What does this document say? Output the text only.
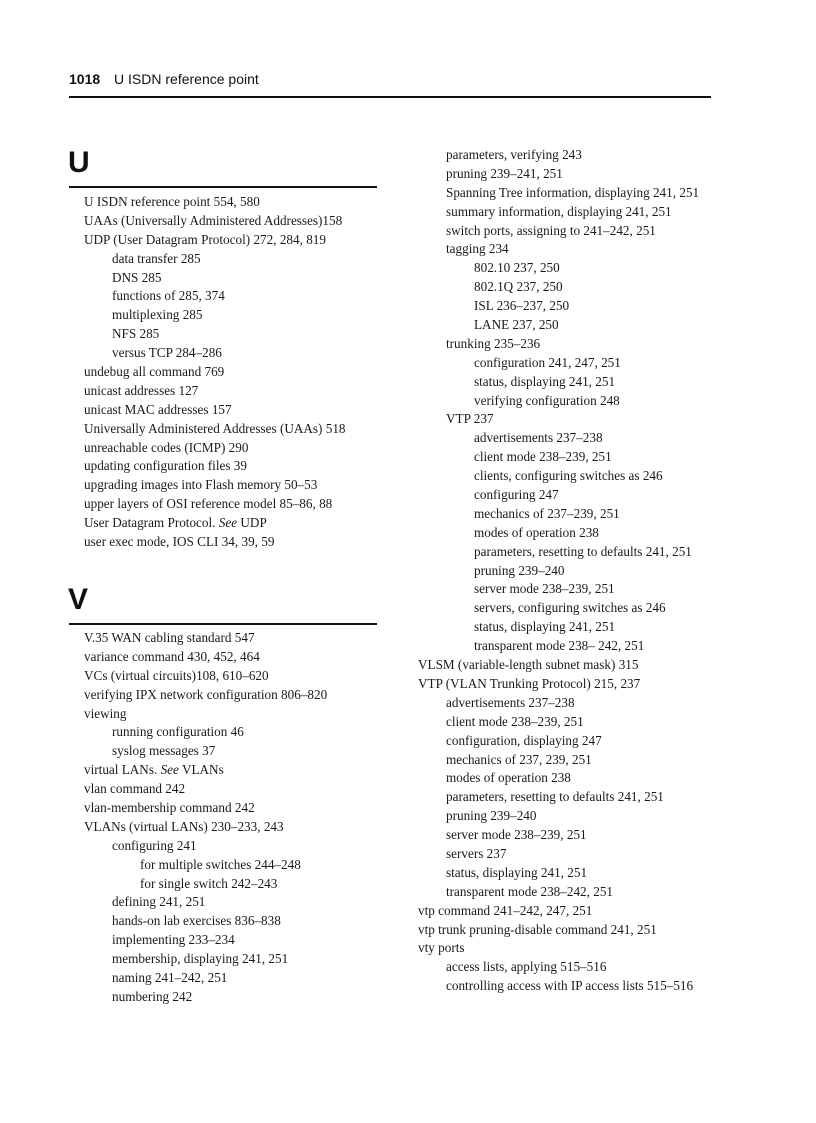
1018 U ISDN reference point
U
U ISDN reference point 554, 580
UAAs (Universally Administered Addresses)158
UDP (User Datagram Protocol) 272, 284, 819
data transfer 285
DNS 285
functions of 285, 374
multiplexing 285
NFS 285
versus TCP 284–286
undebug all command 769
unicast addresses 127
unicast MAC addresses 157
Universally Administered Addresses (UAAs) 518
unreachable codes (ICMP) 290
updating configuration files 39
upgrading images into Flash memory 50–53
upper layers of OSI reference model 85–86, 88
User Datagram Protocol. See UDP
user exec mode, IOS CLI 34, 39, 59
V
V.35 WAN cabling standard 547
variance command 430, 452, 464
VCs (virtual circuits)108, 610–620
verifying IPX network configuration 806–820
viewing
running configuration 46
syslog messages 37
virtual LANs. See VLANs
vlan command 242
vlan-membership command 242
VLANs (virtual LANs) 230–233, 243
configuring 241
for multiple switches 244–248
for single switch 242–243
defining 241, 251
hands-on lab exercises 836–838
implementing 233–234
membership, displaying 241, 251
naming 241–242, 251
numbering 242
parameters, verifying 243
pruning 239–241, 251
Spanning Tree information, displaying 241, 251
summary information, displaying 241, 251
switch ports, assigning to 241–242, 251
tagging 234
802.10 237, 250
802.1Q 237, 250
ISL 236–237, 250
LANE 237, 250
trunking 235–236
configuration 241, 247, 251
status, displaying 241, 251
verifying configuration 248
VTP 237
advertisements 237–238
client mode 238–239, 251
clients, configuring switches as 246
configuring 247
mechanics of 237–239, 251
modes of operation 238
parameters, resetting to defaults 241, 251
pruning 239–240
server mode 238–239, 251
servers, configuring switches as 246
status, displaying 241, 251
transparent mode 238– 242, 251
VLSM (variable-length subnet mask) 315
VTP (VLAN Trunking Protocol) 215, 237
advertisements 237–238
client mode 238–239, 251
configuration, displaying 247
mechanics of 237, 239, 251
modes of operation 238
parameters, resetting to defaults 241, 251
pruning 239–240
server mode 238–239, 251
servers 237
status, displaying 241, 251
transparent mode 238–242, 251
vtp command 241–242, 247, 251
vtp trunk pruning-disable command 241, 251
vty ports
access lists, applying 515–516
controlling access with IP access lists 515–516
